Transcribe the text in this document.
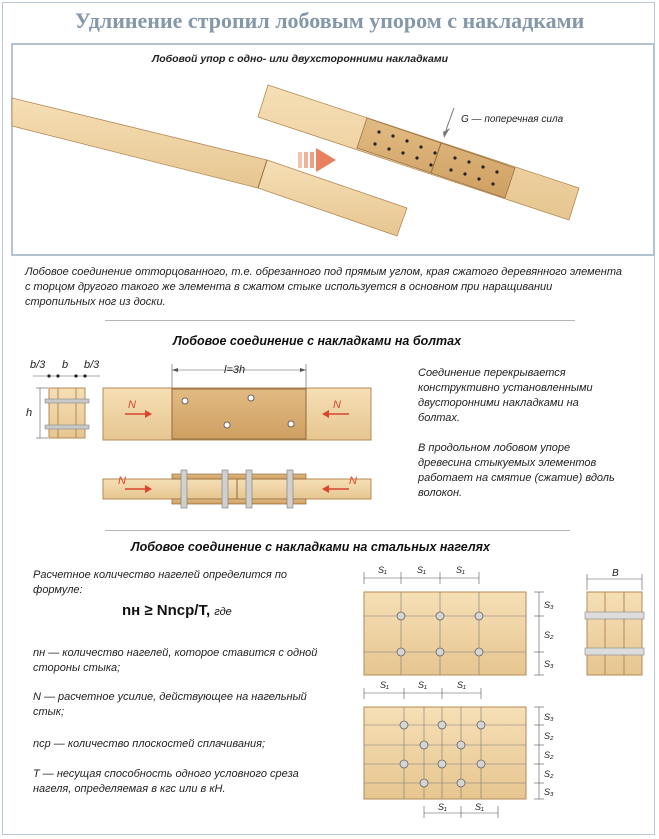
Удлинение стропил лобовым упором с накладками
Лобовой упор с одно- или двухсторонними накладками
G — поперечная сила
Лобовое соединение отторцованного, т.е. обрезанного под прямым углом, края сжатого деревянного элемента с торцом другого такого же элемента в сжатом стыке используется в основном при наращивании стропильных ног из доски.
Лобовое соединение с накладками на болтах
b/3 b b/3
h
l=3h
N	N
N	N
Соединение перекрывается конструктивно установленными двусторонними накладками на болтах.
В продольном лобовом упоре древесина стыкуемых элементов работает на смятие (сжатие) вдоль волокон.
Лобовое соединение с накладками на стальных нагелях
Расчетное количество нагелей определится по формуле:
nн ≥ Nncp/T, где
nн — количество нагелей, которое ставится с одной стороны стыка;
N — расчетное усилие, действующее на нагельный стык;
ncp — количество плоскостей сплачивания;
T — несущая способность одного условного среза нагеля, определяемая в кгс или в кН.
S₁	S₁	S₁
S₃
S₂
S₃
B
S₁	S₁	S₁
S₃
S₂
S₂
S₂
S₃
S₁	S₁
